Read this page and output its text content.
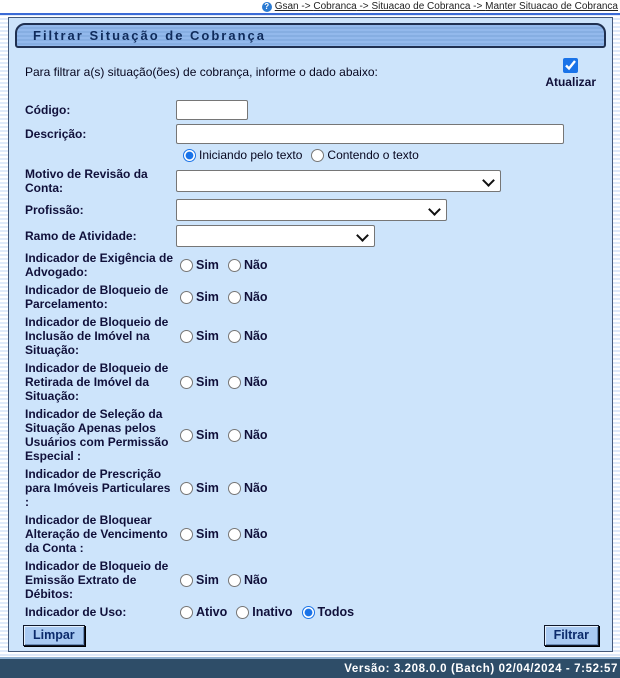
? Gsan -> Cobranca -> Situacao de Cobranca -> Manter Situacao de Cobranca
Filtrar Situação de Cobrança
Para filtrar a(s) situação(ões) de cobrança, informe o dado abaixo:
Atualizar
Código:
Descrição:
Iniciando pelo texto Contendo o texto
Motivo de Revisão da Conta:
Profissão:
Ramo de Atividade:
Indicador de Exigência de Advogado:	Sim Não
Indicador de Bloqueio de Parcelamento:	Sim Não
Indicador de Bloqueio de Inclusão de Imóvel na Situação:
Sim Não
Indicador de Bloqueio de Retirada de Imóvel da Situação:
Sim Não
Indicador de Seleção da Situação Apenas pelos Usuários com Permissão Especial :
Sim Não
Indicador de Prescrição para Imóveis Particulares :
Sim Não
Indicador de Bloquear Alteração de Vencimento da Conta :
Sim Não
Indicador de Bloqueio de Emissão Extrato de Débitos:
Sim Não
Indicador de Uso:	Ativo Inativo Todos
Limpar	Filtrar
Versão: 3.208.0.0 (Batch) 02/04/2024 - 7:52:57
